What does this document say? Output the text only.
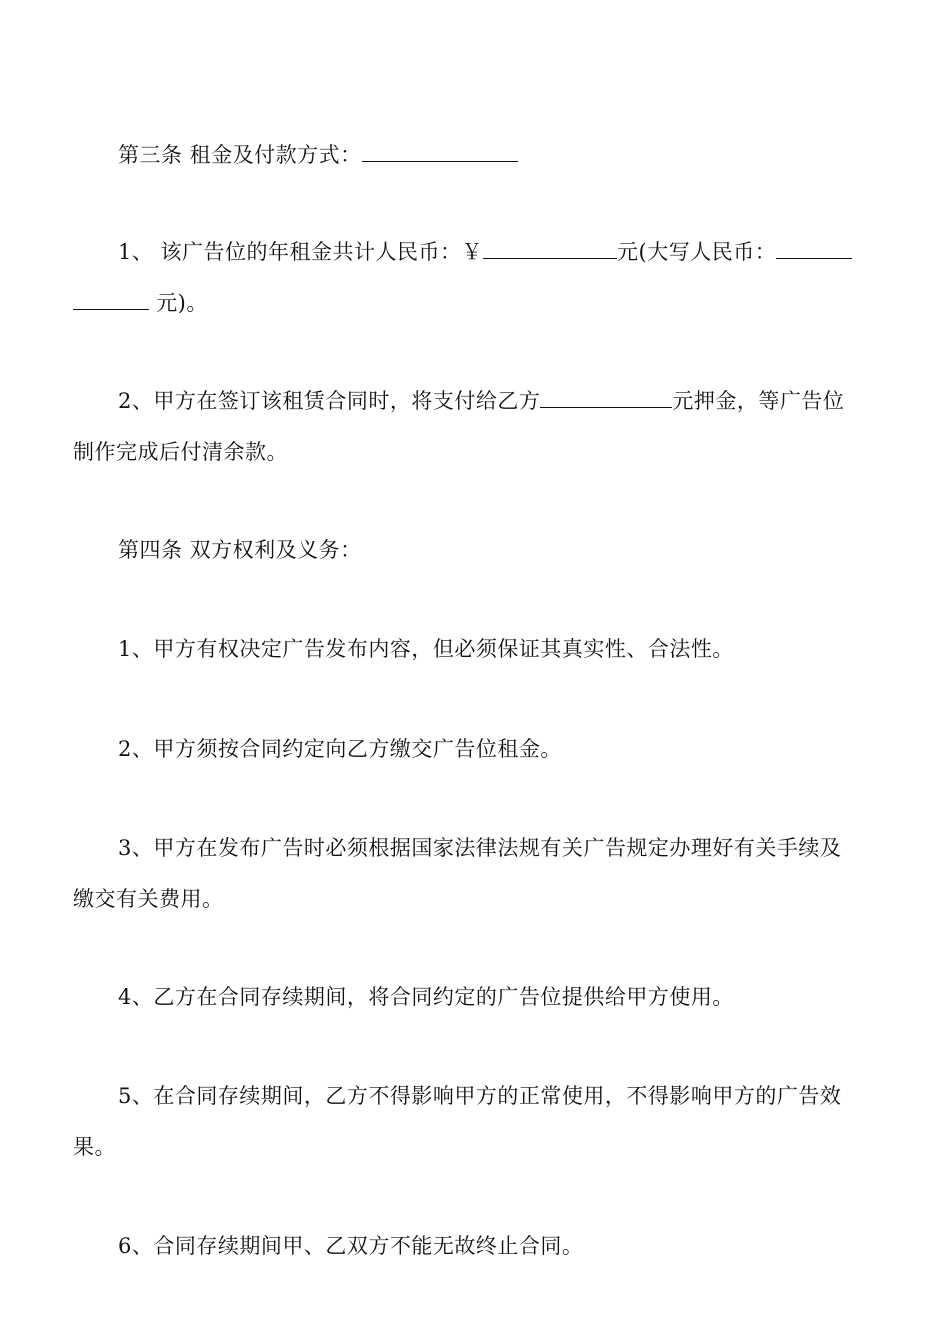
第三条 租金及付款方式：
1、 该广告位的年租金共计人民币：￥	元(大写人民币：
元)。
2、甲方在签订该租赁合同时，将支付给乙方	元押金，等广告位
制作完成后付清余款。
第四条 双方权利及义务：
1、甲方有权决定广告发布内容，但必须保证其真实性、合法性。
2、甲方须按合同约定向乙方缴交广告位租金。
3、甲方在发布广告时必须根据国家法律法规有关广告规定办理好有关手续及
缴交有关费用。
4、乙方在合同存续期间，将合同约定的广告位提供给甲方使用。
5、在合同存续期间，乙方不得影响甲方的正常使用，不得影响甲方的广告效
果。
6、合同存续期间甲、乙双方不能无故终止合同。
